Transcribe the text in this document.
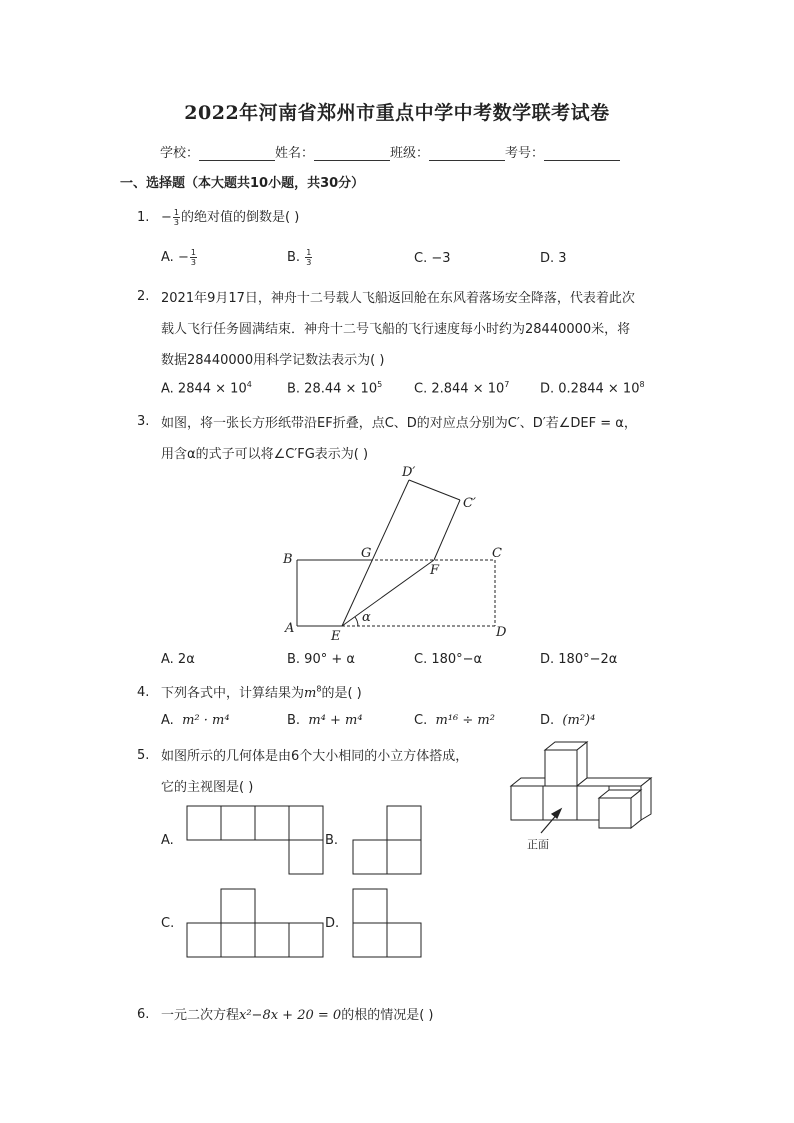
2022年河南省郑州市重点中学中考数学联考试卷
学校：	姓名：	班级：	考号：
一、选择题（本大题共10小题，共30分）
1. − $\frac{1}{3}$ 的绝对值的倒数是( )
A. − $\frac{1}{3}$	B. $\frac{1}{3}$	C. −3	D. 3
2. 2021年9月17日，神舟十二号载人飞船返回舱在东风着落场安全降落，代表着此次
载人飞行任务圆满结束．神舟十二号飞船的飞行速度每小时约为28440000米，将
数据28440000用科学记数法表示为( )
A. $2844 \times 10^4$	B. $28.44 \times 10^5$ C. $2.844 \times 10^7$ D. $0.2844 \times 10^8$
3. 如图，将一张长方形纸带沿EF折叠，点C、D的对应点分别为C′、D′若∠DEF = α，
用含α的式子可以将∠C′FG表示为( )
D′
C′
B	G	C
F
A
E	D
α
A. 2α	B. 90° + α	C. 180°−α	D. 180°−2α
4. 下列各式中，计算结果为$m^8$的是( )
A. m² · m⁴	B. m⁴ + m⁴	C. m¹⁶ ÷ m²	D. (m²)⁴
5. 如图所示的几何体是由6个大小相同的小立方体搭成，
它的主视图是( )
正面
A.	B.
C.	D.
6. 一元二次方程x²−8x + 20 = 0的根的情况是( )
